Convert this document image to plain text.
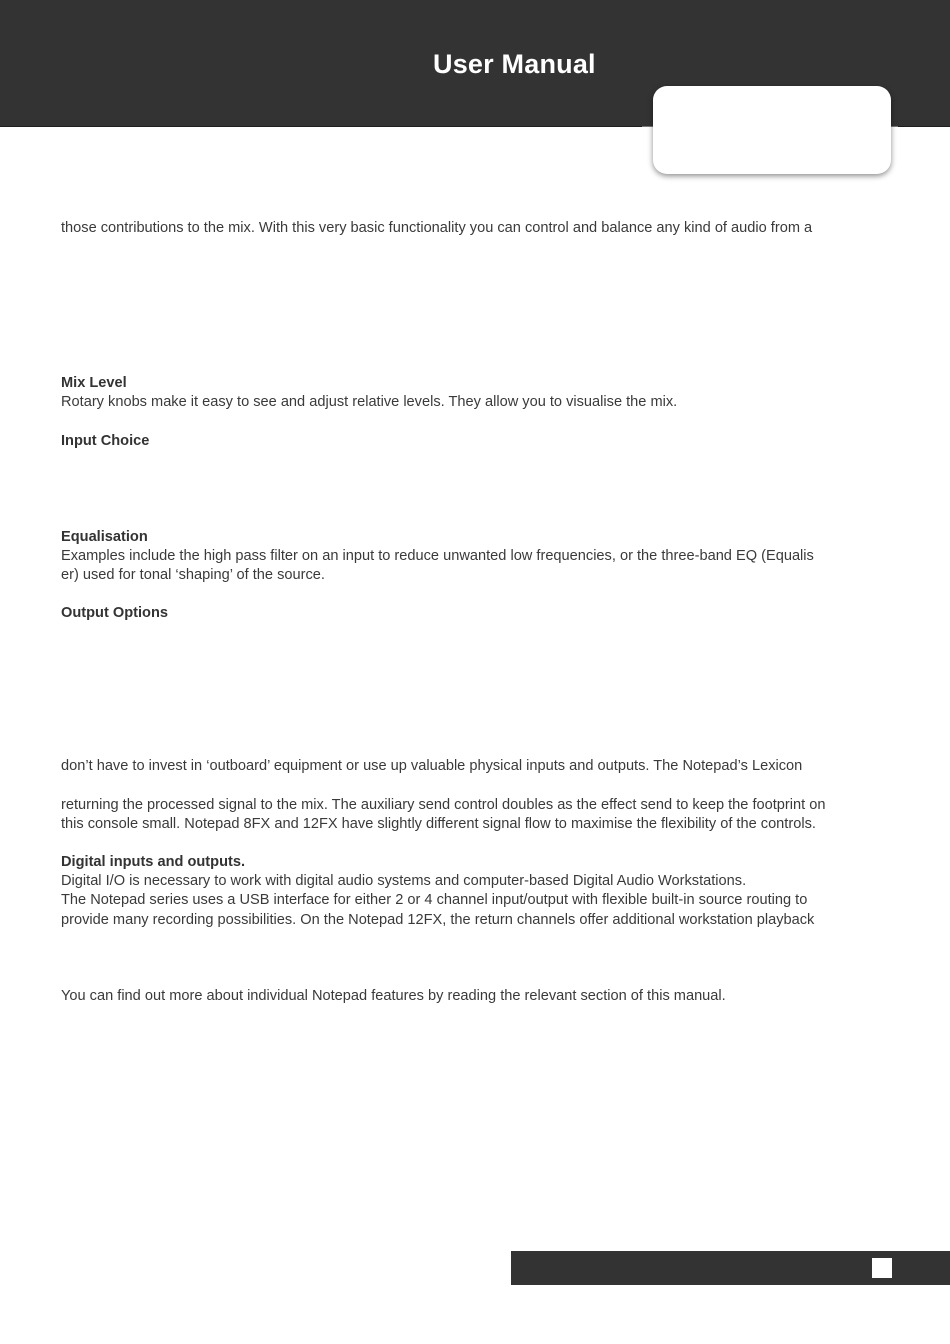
User Manual
those contributions to the mix. With this very basic functionality you can control and balance any kind of audio from a
Mix Level
Rotary knobs make it easy to see and adjust relative levels. They allow you to visualise the mix.
Input Choice
Equalisation
Examples include the high pass filter on an input to reduce unwanted low frequencies, or the three-band EQ (Equalis
er) used for tonal ‘shaping’ of the source.
Output Options
don’t have to invest in ‘outboard’ equipment or use up valuable physical inputs and outputs. The Notepad’s Lexicon
returning the processed signal to the mix. The auxiliary send control doubles as the effect send to keep the footprint on
this console small. Notepad 8FX and 12FX have slightly different signal flow to maximise the flexibility of the controls.
Digital inputs and outputs.
Digital I/O is necessary to work with digital audio systems and computer-based Digital Audio Workstations.
The Notepad series uses a USB interface for either 2 or 4 channel input/output with flexible built-in source routing to
provide many recording possibilities. On the Notepad 12FX, the return channels offer additional workstation playback
You can find out more about individual Notepad features by reading the relevant section of this manual.
